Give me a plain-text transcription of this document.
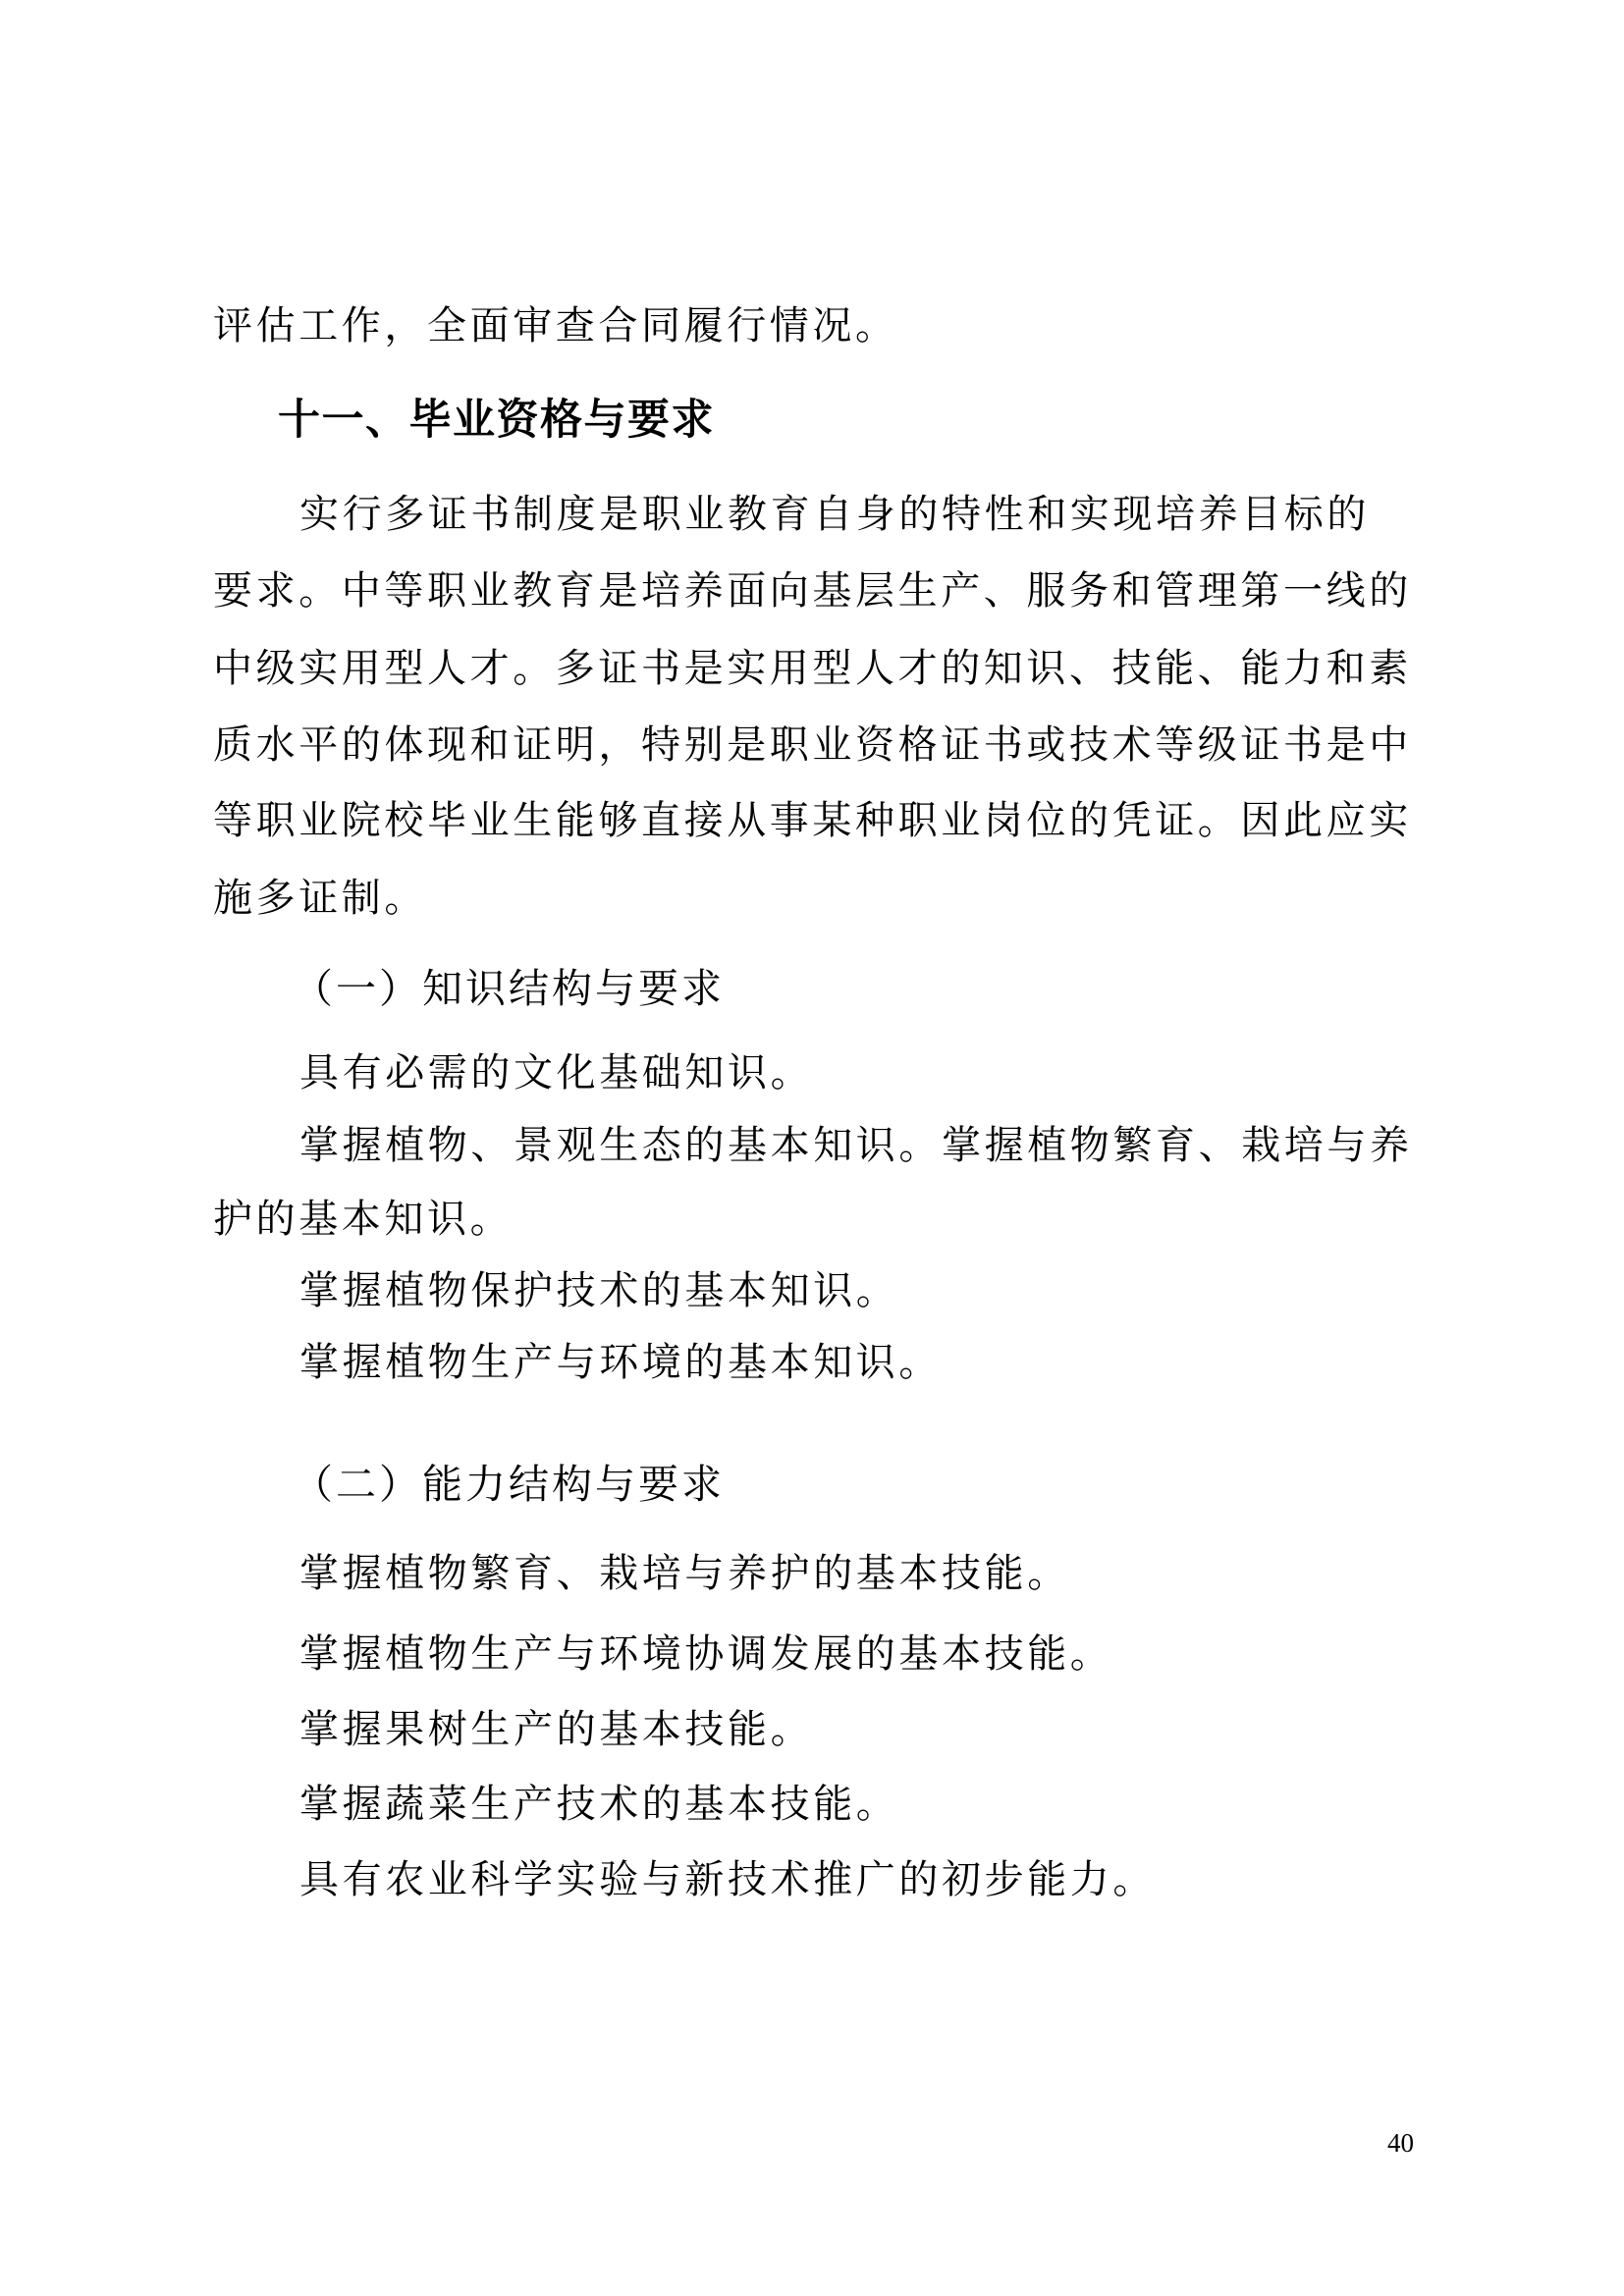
评估工作，全面审查合同履行情况。
十一、毕业资格与要求
实行多证书制度是职业教育自身的特性和实现培养目标的
要求。中等职业教育是培养面向基层生产、服务和管理第一线的
中级实用型人才。多证书是实用型人才的知识、技能、能力和素
质水平的体现和证明，特别是职业资格证书或技术等级证书是中
等职业院校毕业生能够直接从事某种职业岗位的凭证。因此应实
施多证制。
（一）知识结构与要求
具有必需的文化基础知识。
掌握植物、景观生态的基本知识。掌握植物繁育、栽培与养
护的基本知识。
掌握植物保护技术的基本知识。
掌握植物生产与环境的基本知识。
（二）能力结构与要求
掌握植物繁育、栽培与养护的基本技能。
掌握植物生产与环境协调发展的基本技能。
掌握果树生产的基本技能。
掌握蔬菜生产技术的基本技能。
具有农业科学实验与新技术推广的初步能力。
40
